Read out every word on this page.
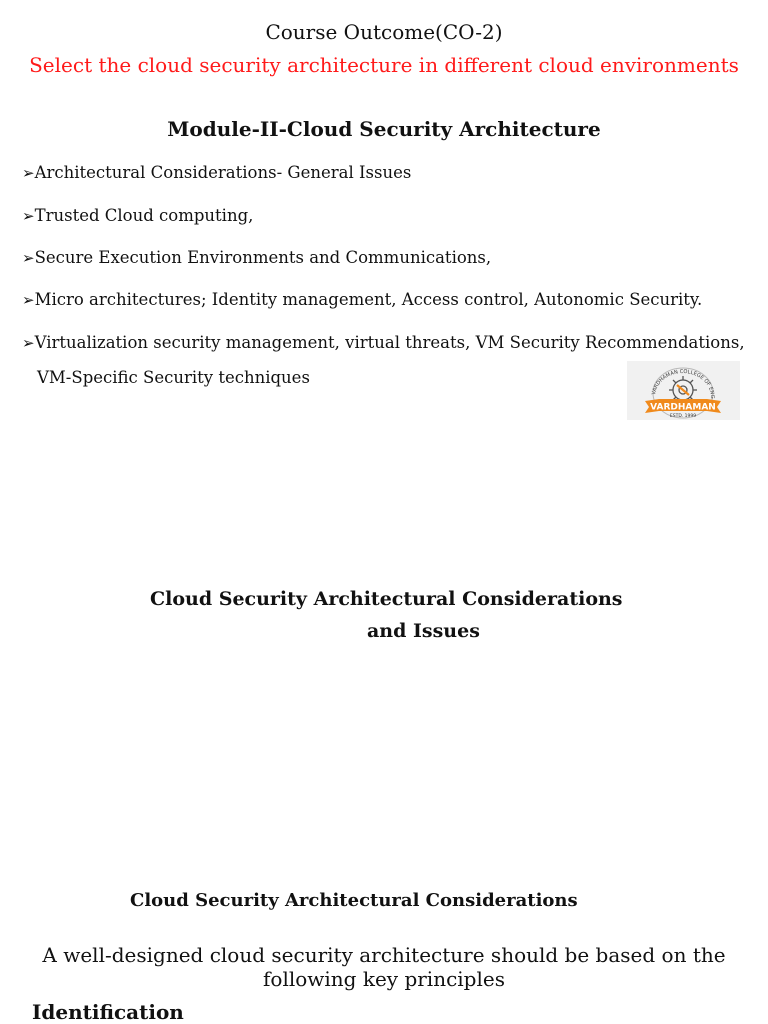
Course Outcome(CO-2)
Select the cloud security architecture in different cloud environments
Module-II-Cloud Security Architecture
➢Architectural Considerations- General Issues
➢Trusted Cloud computing,
➢Secure Execution Environments and Communications,
➢Micro architectures; Identity management, Access control, Autonomic Security.
➢Virtualization security management, virtual threats, VM Security Recommendations,
VM-Specific Security techniques
VARDHAMAN COLLEGE OF ENG
VARDHAMAN
ESTD. 1999
Cloud Security Architectural Considerations
and Issues
Cloud Security Architectural Considerations
A well-designed cloud security architecture should be based on the
following key principles
Identification
